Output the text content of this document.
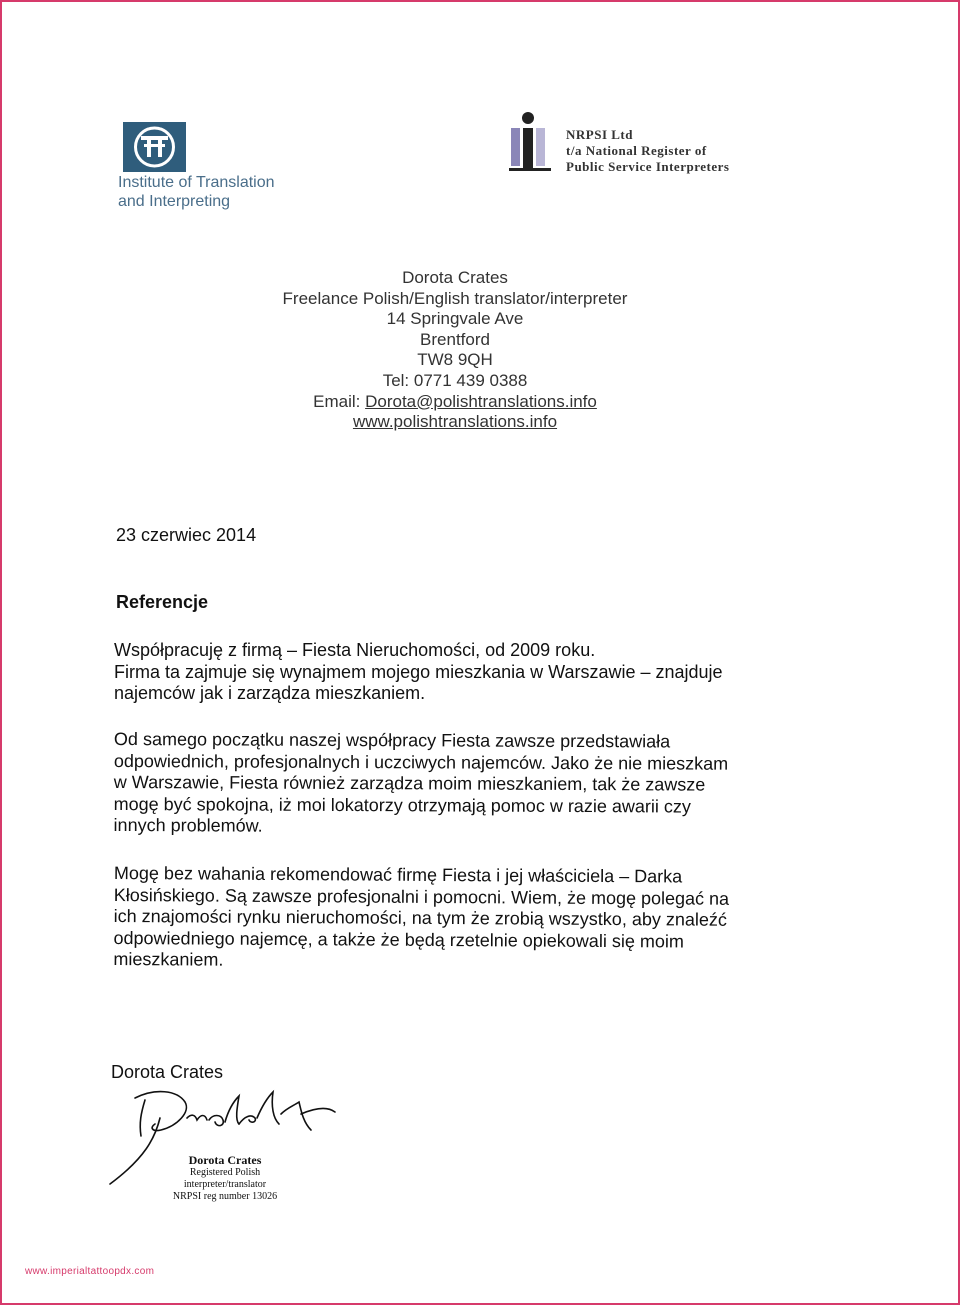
Institute of Translation
and Interpreting
NRPSI Ltd
t/a National Register of
Public Service Interpreters
Dorota Crates
Freelance Polish/English translator/interpreter
14 Springvale Ave
Brentford
TW8 9QH
Tel: 0771 439 0388
Email: Dorota@polishtranslations.info
www.polishtranslations.info
23 czerwiec 2014
Referencje
Współpracuję z firmą – Fiesta Nieruchomości, od 2009 roku.
Firma ta zajmuje się wynajmem mojego mieszkania w Warszawie – znajduje
najemców jak i zarządza mieszkaniem.
Od samego początku naszej współpracy Fiesta zawsze przedstawiała
odpowiednich, profesjonalnych i uczciwych najemców. Jako że nie mieszkam
w Warszawie, Fiesta również zarządza moim mieszkaniem, tak że zawsze
mogę być spokojna, iż moi lokatorzy otrzymają pomoc w razie awarii czy
innych problemów.
Mogę bez wahania rekomendować firmę Fiesta i jej właściciela – Darka
Kłosińskiego. Są zawsze profesjonalni i pomocni. Wiem, że mogę polegać na
ich znajomości rynku nieruchomości, na tym że zrobią wszystko, aby znaleźć
odpowiedniego najemcę, a także że będą rzetelnie opiekowali się moim
mieszkaniem.
Dorota Crates
Dorota Crates
Registered Polish
interpreter/translator
NRPSI reg number 13026
www.imperialtattoopdx.com
